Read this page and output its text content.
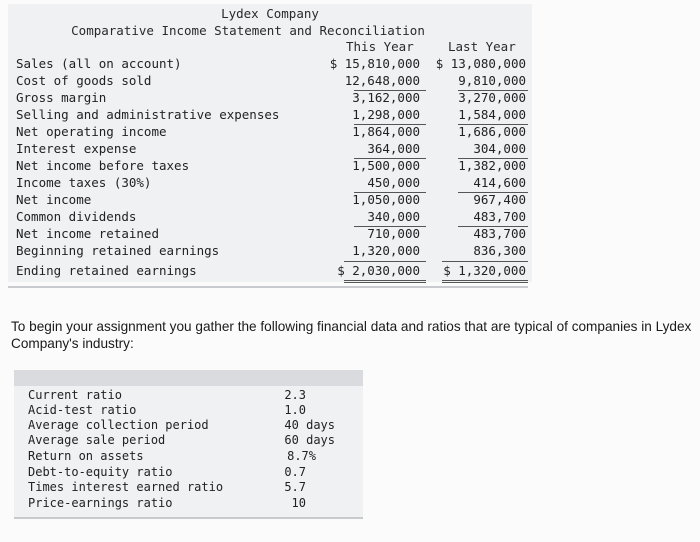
Lydex Company
Comparative Income Statement and Reconciliation
This Year	Last Year
Sales (all on account)	$ 15,810,000 $ 13,080,000
Cost of goods sold	12,648,000	9,810,000
Gross margin	3,162,000	3,270,000
Selling and administrative expenses	1,298,000	1,584,000
Net operating income	1,864,000	1,686,000
Interest expense	364,000	304,000
Net income before taxes	1,500,000	1,382,000
Income taxes (30%)	450,000	414,600
Net income	1,050,000	967,400
Common dividends	340,000	483,700
Net income retained	710,000	483,700
Beginning retained earnings	1,320,000	836,300
Ending retained earnings	$ 2,030,000 $ 1,320,000
To begin your assignment you gather the following financial data and ratios that are typical of companies in Lydex Company's industry:
Current ratio	2.3
Acid-test ratio	1.0
Average collection period	40 days
Average sale period	60 days
Return on assets	8.7%
Debt-to-equity ratio	0.7
Times interest earned ratio	5.7
Price-earnings ratio	10
